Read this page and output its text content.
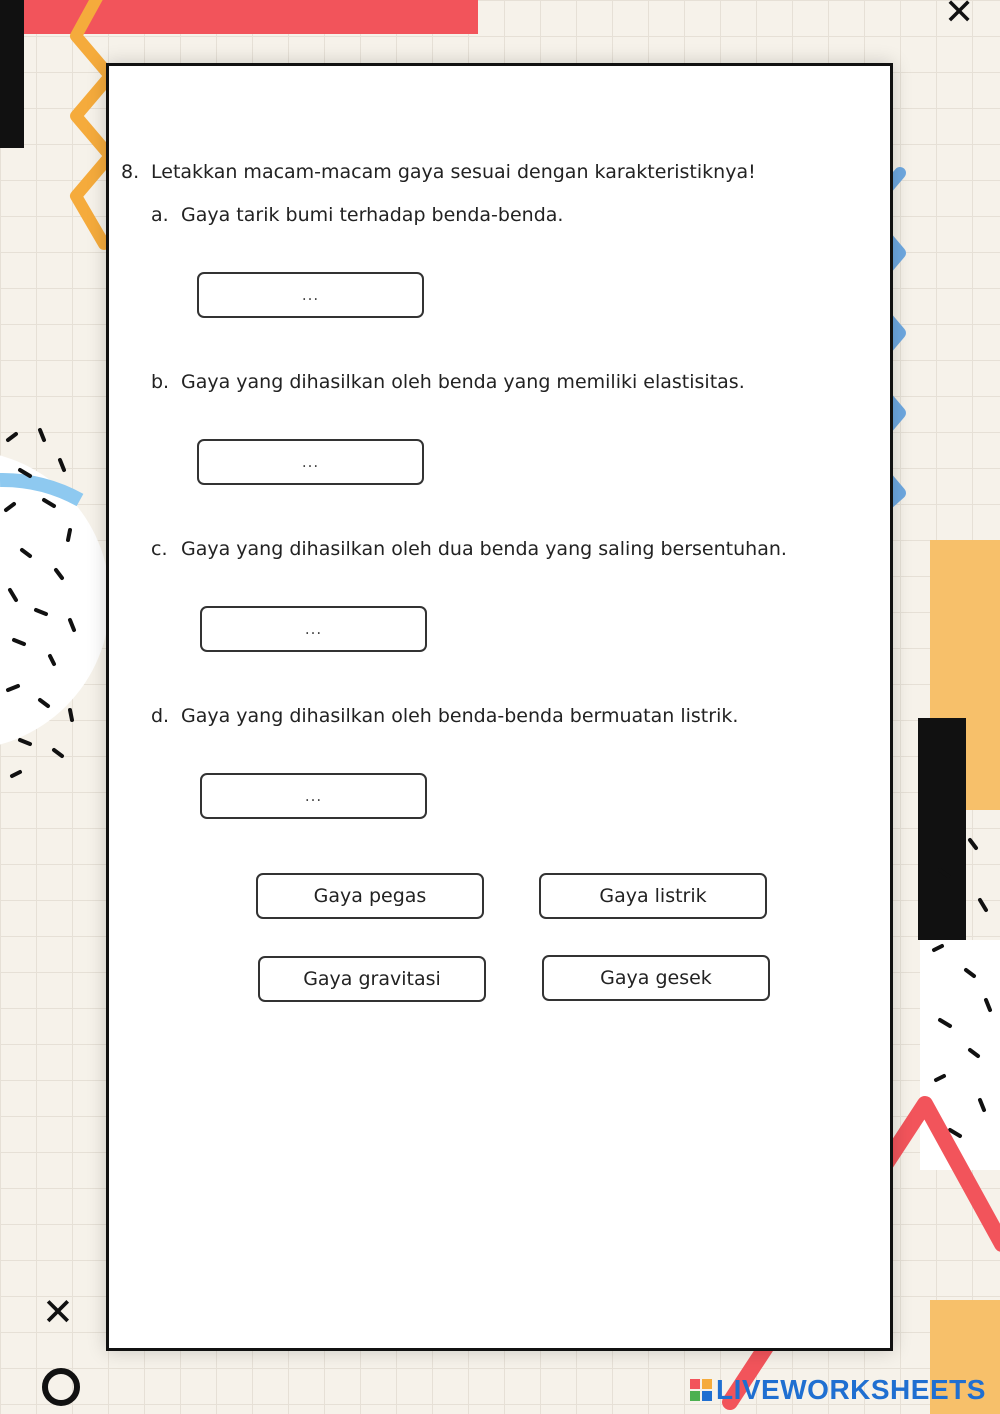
✕
✕
8. Letakkan macam-macam gaya sesuai dengan karakteristiknya!
a. Gaya tarik bumi terhadap benda-benda.
...
b. Gaya yang dihasilkan oleh benda yang memiliki elastisitas.
...
c. Gaya yang dihasilkan oleh dua benda yang saling bersentuhan.
...
d. Gaya yang dihasilkan oleh benda-benda bermuatan listrik.
...
Gaya pegas	Gaya listrik
Gaya gravitasi	Gaya gesek
LIVEWORKSHEETS
